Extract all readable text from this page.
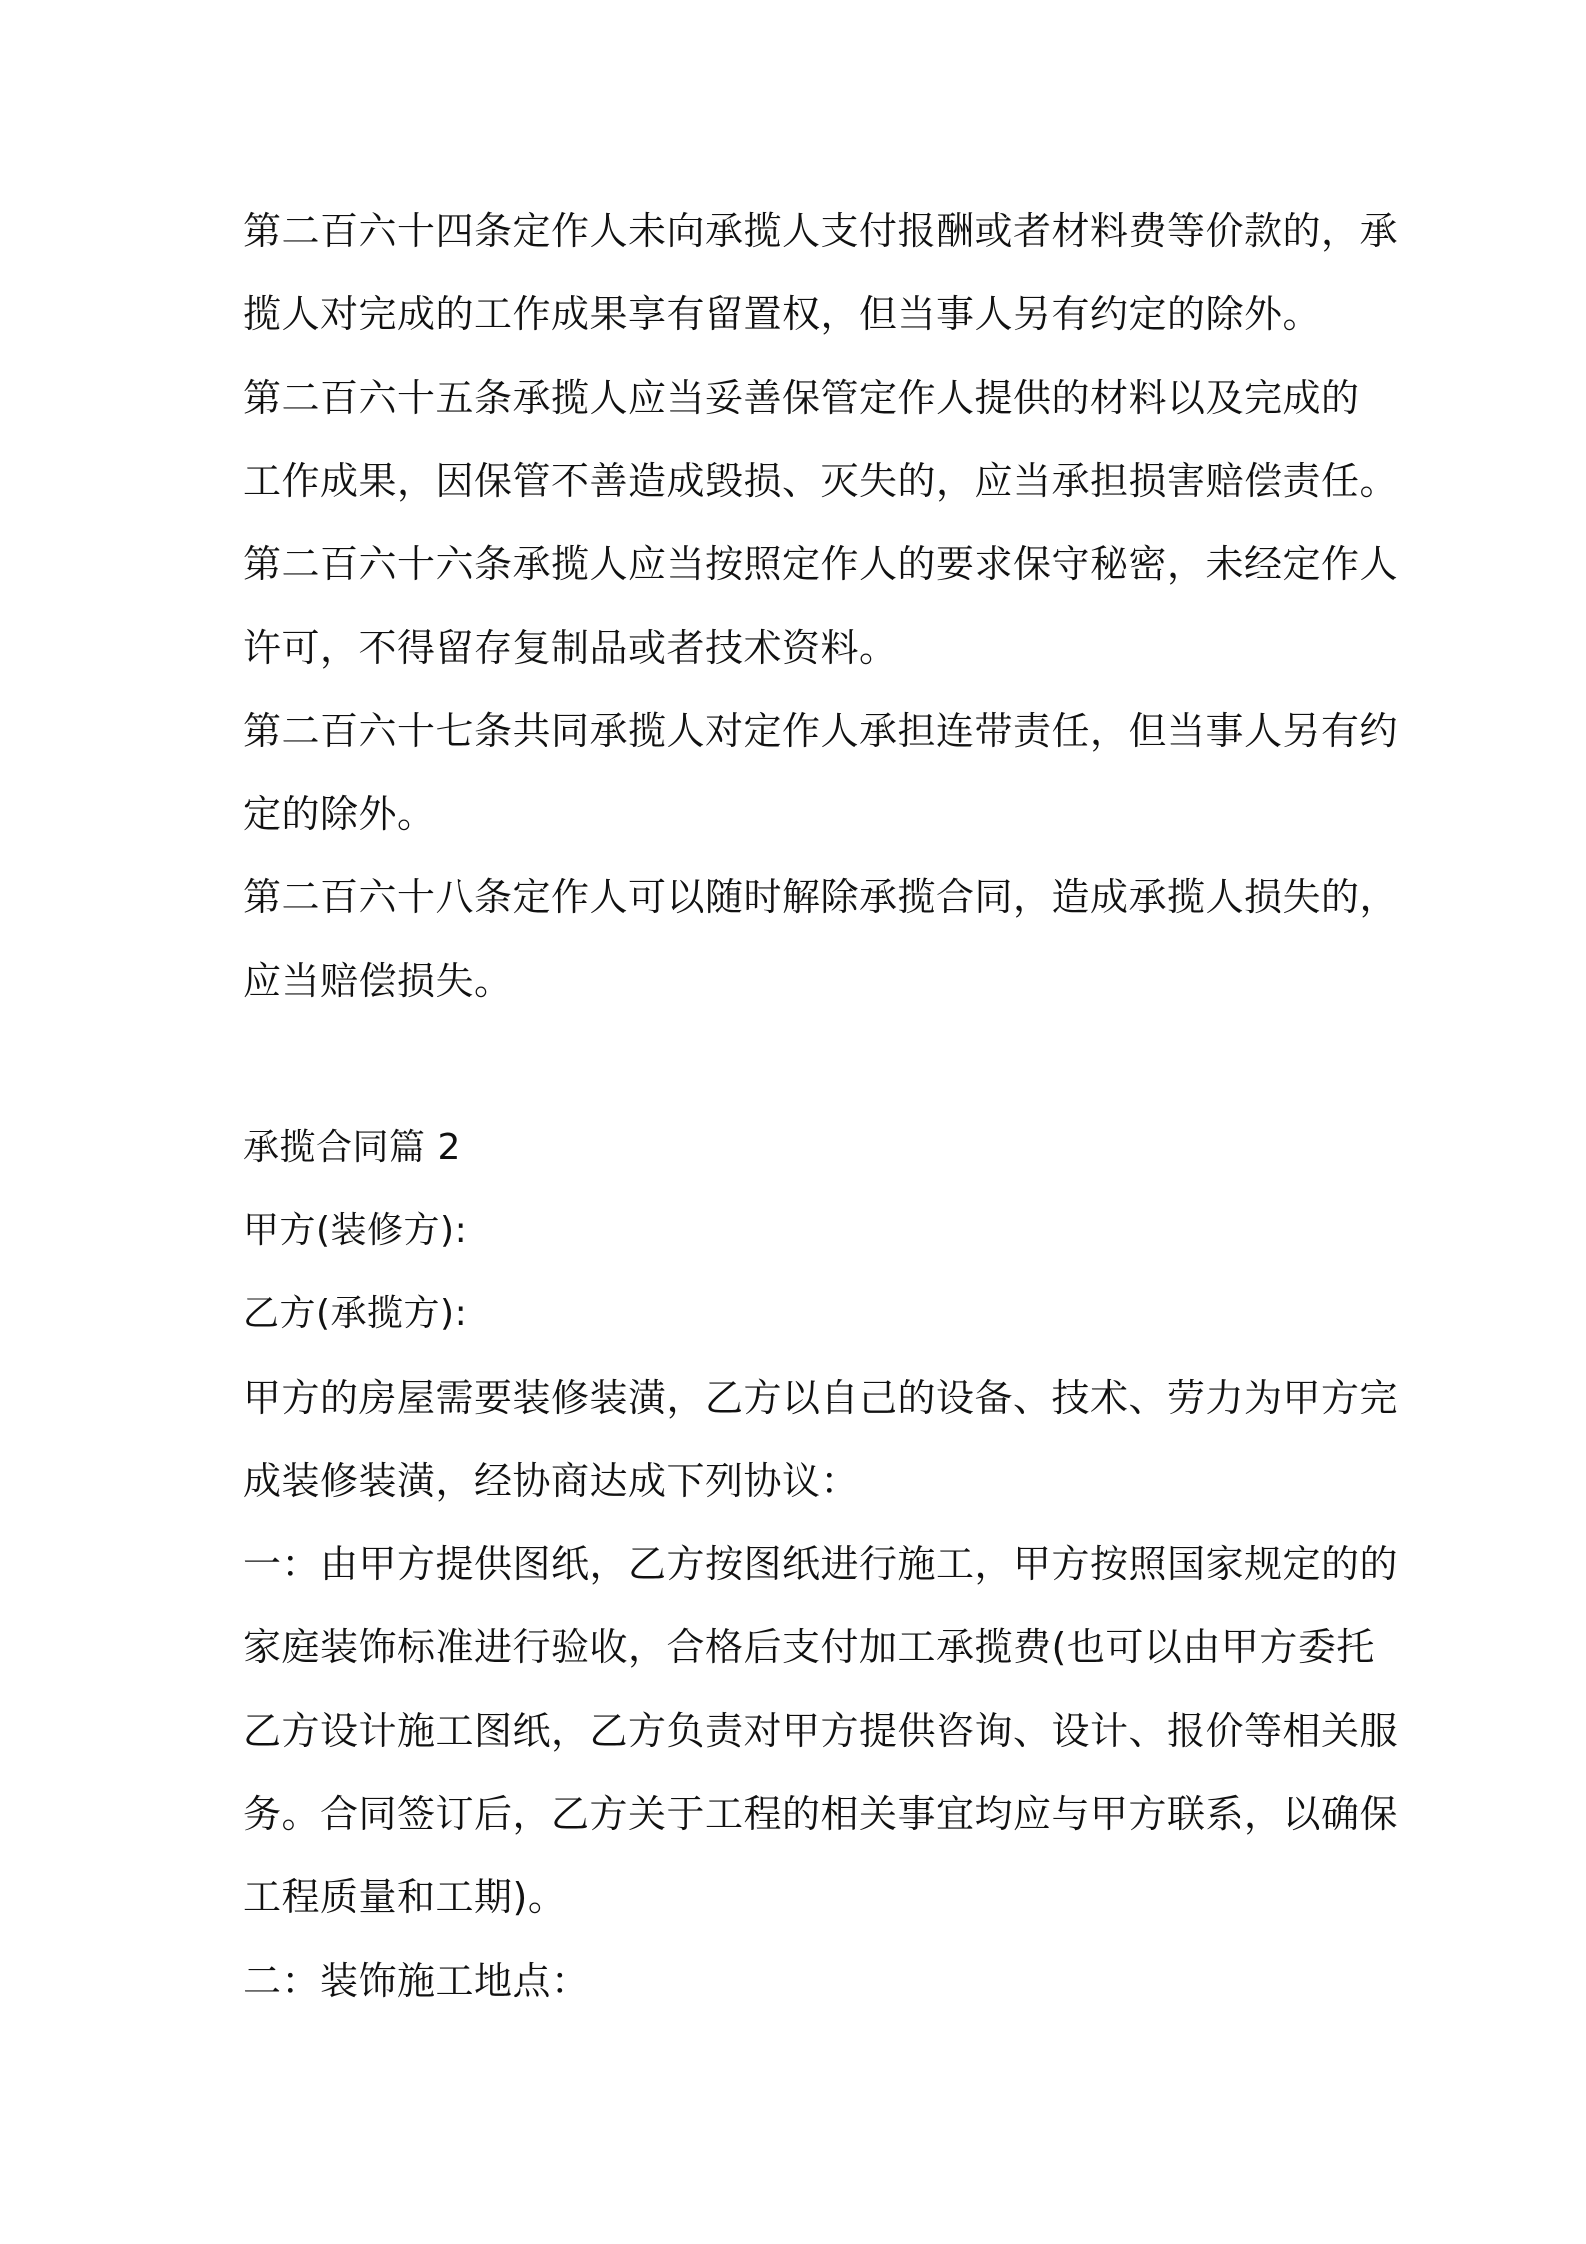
第二百六十四条定作人未向承揽人支付报酬或者材料费等价款的，承
揽人对完成的工作成果享有留置权，但当事人另有约定的除外。
第二百六十五条承揽人应当妥善保管定作人提供的材料以及完成的
工作成果，因保管不善造成毁损、灭失的，应当承担损害赔偿责任。
第二百六十六条承揽人应当按照定作人的要求保守秘密，未经定作人
许可，不得留存复制品或者技术资料。
第二百六十七条共同承揽人对定作人承担连带责任，但当事人另有约
定的除外。
第二百六十八条定作人可以随时解除承揽合同，造成承揽人损失的，
应当赔偿损失。
承揽合同篇 2
甲方(装修方):
乙方(承揽方):
甲方的房屋需要装修装潢，乙方以自己的设备、技术、劳力为甲方完
成装修装潢，经协商达成下列协议：
一：由甲方提供图纸，乙方按图纸进行施工，甲方按照国家规定的的
家庭装饰标准进行验收，合格后支付加工承揽费(也可以由甲方委托
乙方设计施工图纸，乙方负责对甲方提供咨询、设计、报价等相关服
务。合同签订后，乙方关于工程的相关事宜均应与甲方联系，以确保
工程质量和工期)。
二：装饰施工地点：
